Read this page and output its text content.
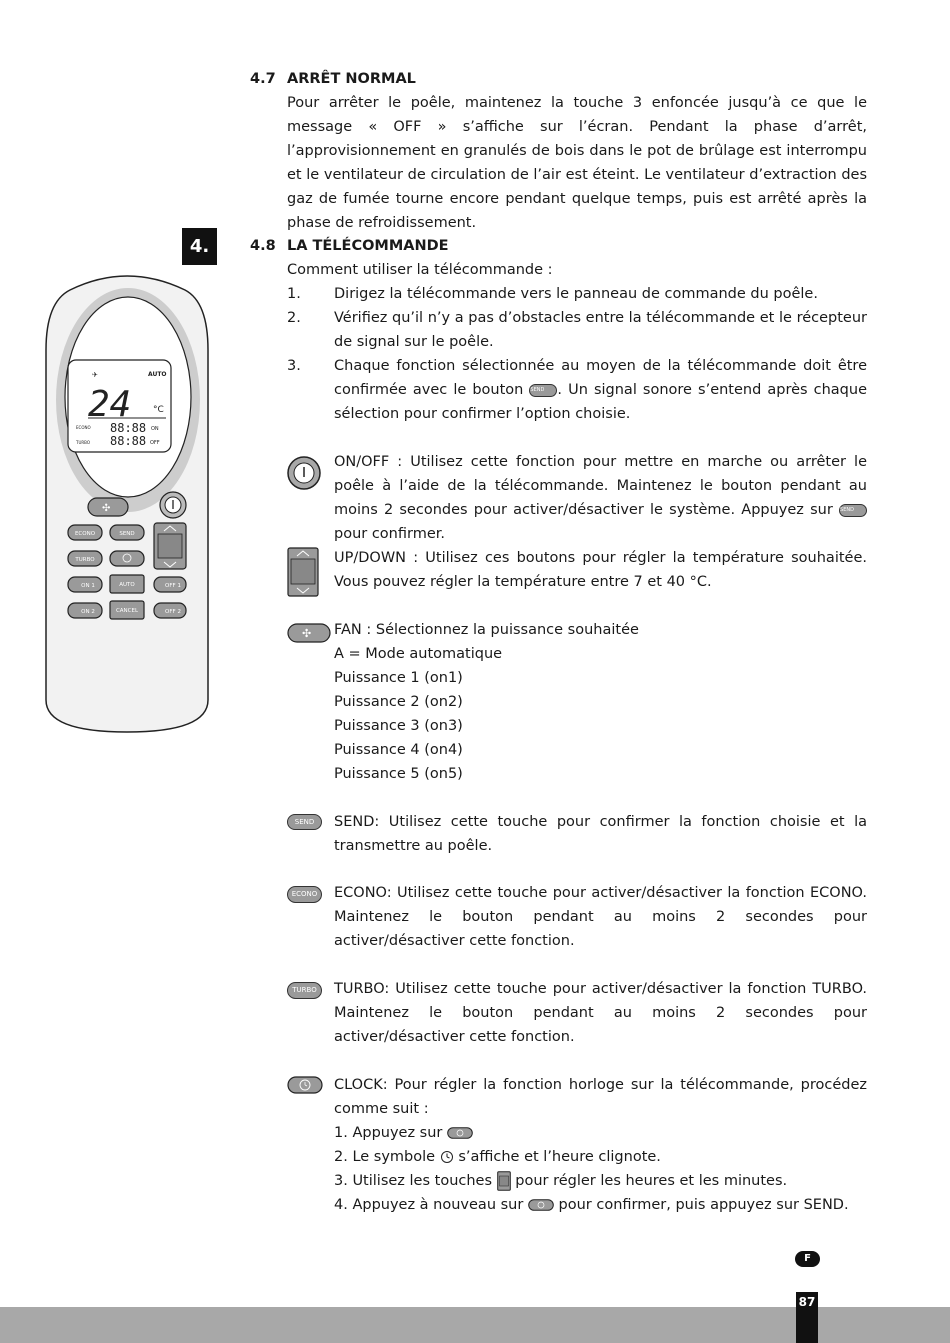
4.7 ARRÊT NORMAL
Pour arrêter le poêle, maintenez la touche 3 enfoncée jusqu’à ce que le message « OFF » s’affiche sur l’écran. Pendant la phase d’arrêt, l’approvisionnement en granulés de bois dans le pot de brûlage est interrompu et le ventilateur de circulation de l’air est éteint. Le ventilateur d’extraction des gaz de fumée tourne encore pendant quelque temps, puis est arrêté après la phase de refroidissement.
4.	4.8 LA TÉLÉCOMMANDE
Comment utiliser la télécommande :
1. Dirigez la télécommande vers le panneau de commande du poêle.
2. Vérifiez qu’il n’y a pas d’obstacles entre la télécommande et le récepteur de signal sur le poêle.
3. Chaque fonction sélectionnée au moyen de la télécommande doit être confirmée avec le bouton SEND . Un signal sonore s’entend après chaque sélection pour confirmer l’option choisie.
✈	AUTO
24 °C
ECONO
TURBO
88:88
88:88
ON
OFF
✣
ECONO	SEND
TURBO
ON 1	AUTO	OFF 1
ON 2	CANCEL	OFF 2
ON/OFF : Utilisez cette fonction pour mettre en marche ou arrêter le poêle à l’aide de la télécommande. Maintenez le bouton pendant au moins 2 secondes pour activer/désactiver le système. Appuyez sur SEND pour confirmer.
UP/DOWN : Utilisez ces boutons pour régler la température souhaitée. Vous pouvez régler la température entre 7 et 40 °C.
✣ FAN : Sélectionnez la puissance souhaitée
A = Mode automatique
Puissance 1 (on1)
Puissance 2 (on2)
Puissance 3 (on3)
Puissance 4 (on4)
Puissance 5 (on5)
SEND	SEND: Utilisez cette touche pour confirmer la fonction choisie et la transmettre au poêle.
ECONO	ECONO: Utilisez cette touche pour activer/désactiver la fonction ECONO. Maintenez le bouton pendant au moins 2 secondes pour activer/désactiver cette fonction.
TURBO	TURBO: Utilisez cette touche pour activer/désactiver la fonction TURBO. Maintenez le bouton pendant au moins 2 secondes pour activer/désactiver cette fonction.
CLOCK: Pour régler la fonction horloge sur la télécommande, procédez comme suit :
1. Appuyez sur
2. Le symbole s’affiche et l’heure clignote.
3. Utilisez les touches pour régler les heures et les minutes.
4. Appuyez à nouveau sur pour confirmer, puis appuyez sur SEND.
F
87
